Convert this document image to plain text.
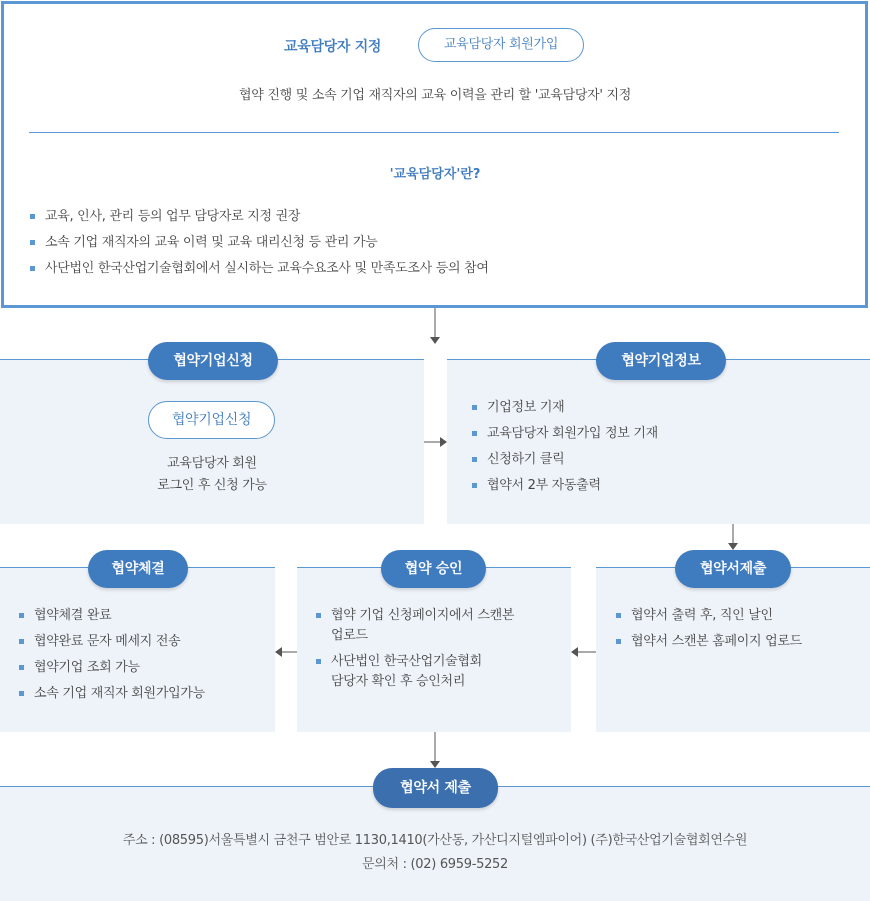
교육담당자 지정	교육담당자 회원가입
협약 진행 및 소속 기업 재직자의 교육 이력을 관리 할 '교육담당자' 지정
'교육담당자'란?
교육, 인사, 관리 등의 업무 담당자로 지정 권장
소속 기업 재직자의 교육 이력 및 교육 대리신청 등 관리 가능
사단법인 한국산업기술협회에서 실시하는 교육수요조사 및 만족도조사 등의 참여
협약기업신청
협약기업신청
교육담당자 회원
로그인 후 신청 가능
협약기업정보
기업정보 기재
교육담당자 회원가입 정보 기재
신청하기 클릭
협약서 2부 자동출력
협약체결
협약체결 완료
협약완료 문자 메세지 전송
협약기업 조회 가능
소속 기업 재직자 회원가입가능
협약 승인
협약 기업 신청페이지에서 스캔본
업로드
사단법인 한국산업기술협회
담당자 확인 후 승인처리
협약서제출
협약서 출력 후, 직인 날인
협약서 스캔본 홈페이지 업로드
협약서 제출
주소 : (08595)서울특별시 금천구 범안로 1130,1410(가산동, 가산디지털엠파이어) (주)한국산업기술협회연수원
문의처 : (02) 6959-5252
